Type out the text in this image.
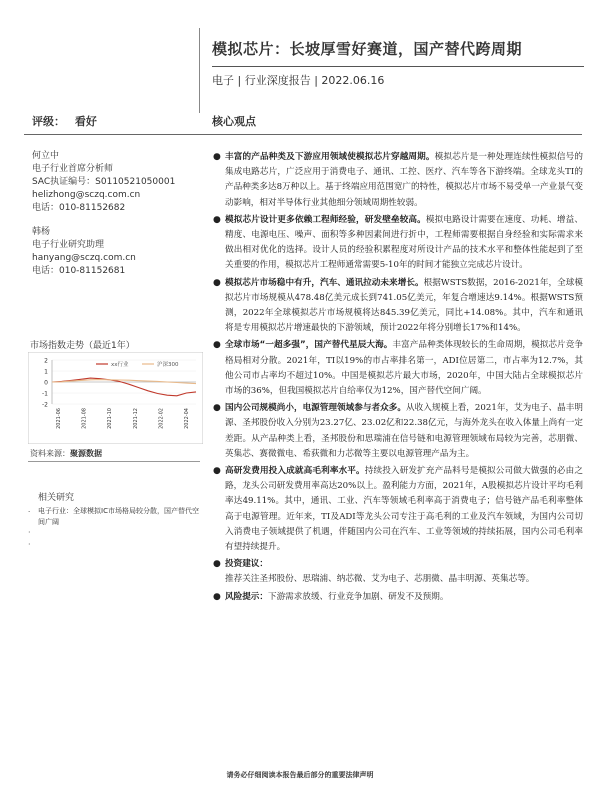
模拟芯片：长坡厚雪好赛道，国产替代跨周期
电子 | 行业深度报告 | 2022.06.16
评级： 看好	核心观点
何立中
电子行业首席分析师
SAC执证编号：S0110521050001
helizhong@sczq.com.cn
电话：010-81152682
韩杨
电子行业研究助理
hanyang@sczq.com.cn
电话：010-81152681
市场指数走势（最近1年）
2
1
0
-1
-2
2021-06	2021-08	2021-10	2021-12	2022-02	2022-04
xx行业	沪深300
资料来源：聚源数据
相关研究
· 电子行业：全球模拟IC市场格局较分散，国产替代空间广阔
·
·
● 丰富的产品种类及下游应用领域使模拟芯片穿越周期。模拟芯片是一种处理连续性模拟信号的集成电路芯片，广泛应用于消费电子、通讯、工控、医疗、汽车等各下游终端。全球龙头TI的产品种类多达8万种以上。基于终端应用范围宽广的特性，模拟芯片市场不易受单一产业景气变动影响，相对半导体行业其他细分领域周期性较弱。
● 模拟芯片设计更多依赖工程师经验，研发壁垒较高。模拟电路设计需要在速度、功耗、增益、精度、电源电压、噪声、面积等多种因素间进行折中，工程师需要根据自身经验和实际需求来做出相对优化的选择。设计人员的经验积累程度对所设计产品的技术水平和整体性能起到了至关重要的作用，模拟芯片工程师通常需要5-10年的时间才能独立完成芯片设计。
● 模拟芯片市场稳中有升，汽车、通讯拉动未来增长。根据WSTS数据，2016-2021年，全球模拟芯片市场规模从478.48亿美元成长到741.05亿美元，年复合增速达9.14%。根据WSTS预测，2022年全球模拟芯片市场规模将达845.39亿美元，同比+14.08%。其中，汽车和通讯将是专用模拟芯片增速最快的下游领域，预计2022年将分别增长17%和14%。
● 全球市场“一超多强”，国产替代星辰大海。丰富产品种类体现较长的生命周期，模拟芯片竞争格局相对分散。2021年，TI以19%的市占率排名第一，ADI位居第二，市占率为12.7%，其他公司市占率均不超过10%。中国是模拟芯片最大市场，2020年，中国大陆占全球模拟芯片市场的36%，但我国模拟芯片自给率仅为12%，国产替代空间广阔。
● 国内公司规模尚小，电源管理领域参与者众多。从收入规模上看，2021年，艾为电子、晶丰明源、圣邦股份收入分别为23.27亿、23.02亿和22.38亿元，与海外龙头在收入体量上尚有一定差距。从产品种类上看，圣邦股份和思瑞浦在信号链和电源管理领域布局较为完善，芯朋微、英集芯、赛微微电、希荻微和力芯微等主要以电源管理产品为主。
● 高研发费用投入成就高毛利率水平。持续投入研发扩充产品料号是模拟公司做大做强的必由之路，龙头公司研发费用率高达20%以上。盈利能力方面，2021年，A股模拟芯片设计平均毛利率达49.11%。其中，通讯、工业、汽车等领域毛利率高于消费电子；信号链产品毛利率整体高于电源管理。近年来，TI及ADI等龙头公司专注于高毛利的工业及汽车领域，为国内公司切入消费电子领域提供了机遇，伴随国内公司在汽车、工业等领域的持续拓展，国内公司毛利率有望持续提升。
● 投资建议：
推荐关注圣邦股份、思瑞浦、纳芯微、艾为电子、芯朋微、晶丰明源、英集芯等。
● 风险提示：下游需求放缓、行业竞争加剧、研发不及预期。
请务必仔细阅读本报告最后部分的重要法律声明
